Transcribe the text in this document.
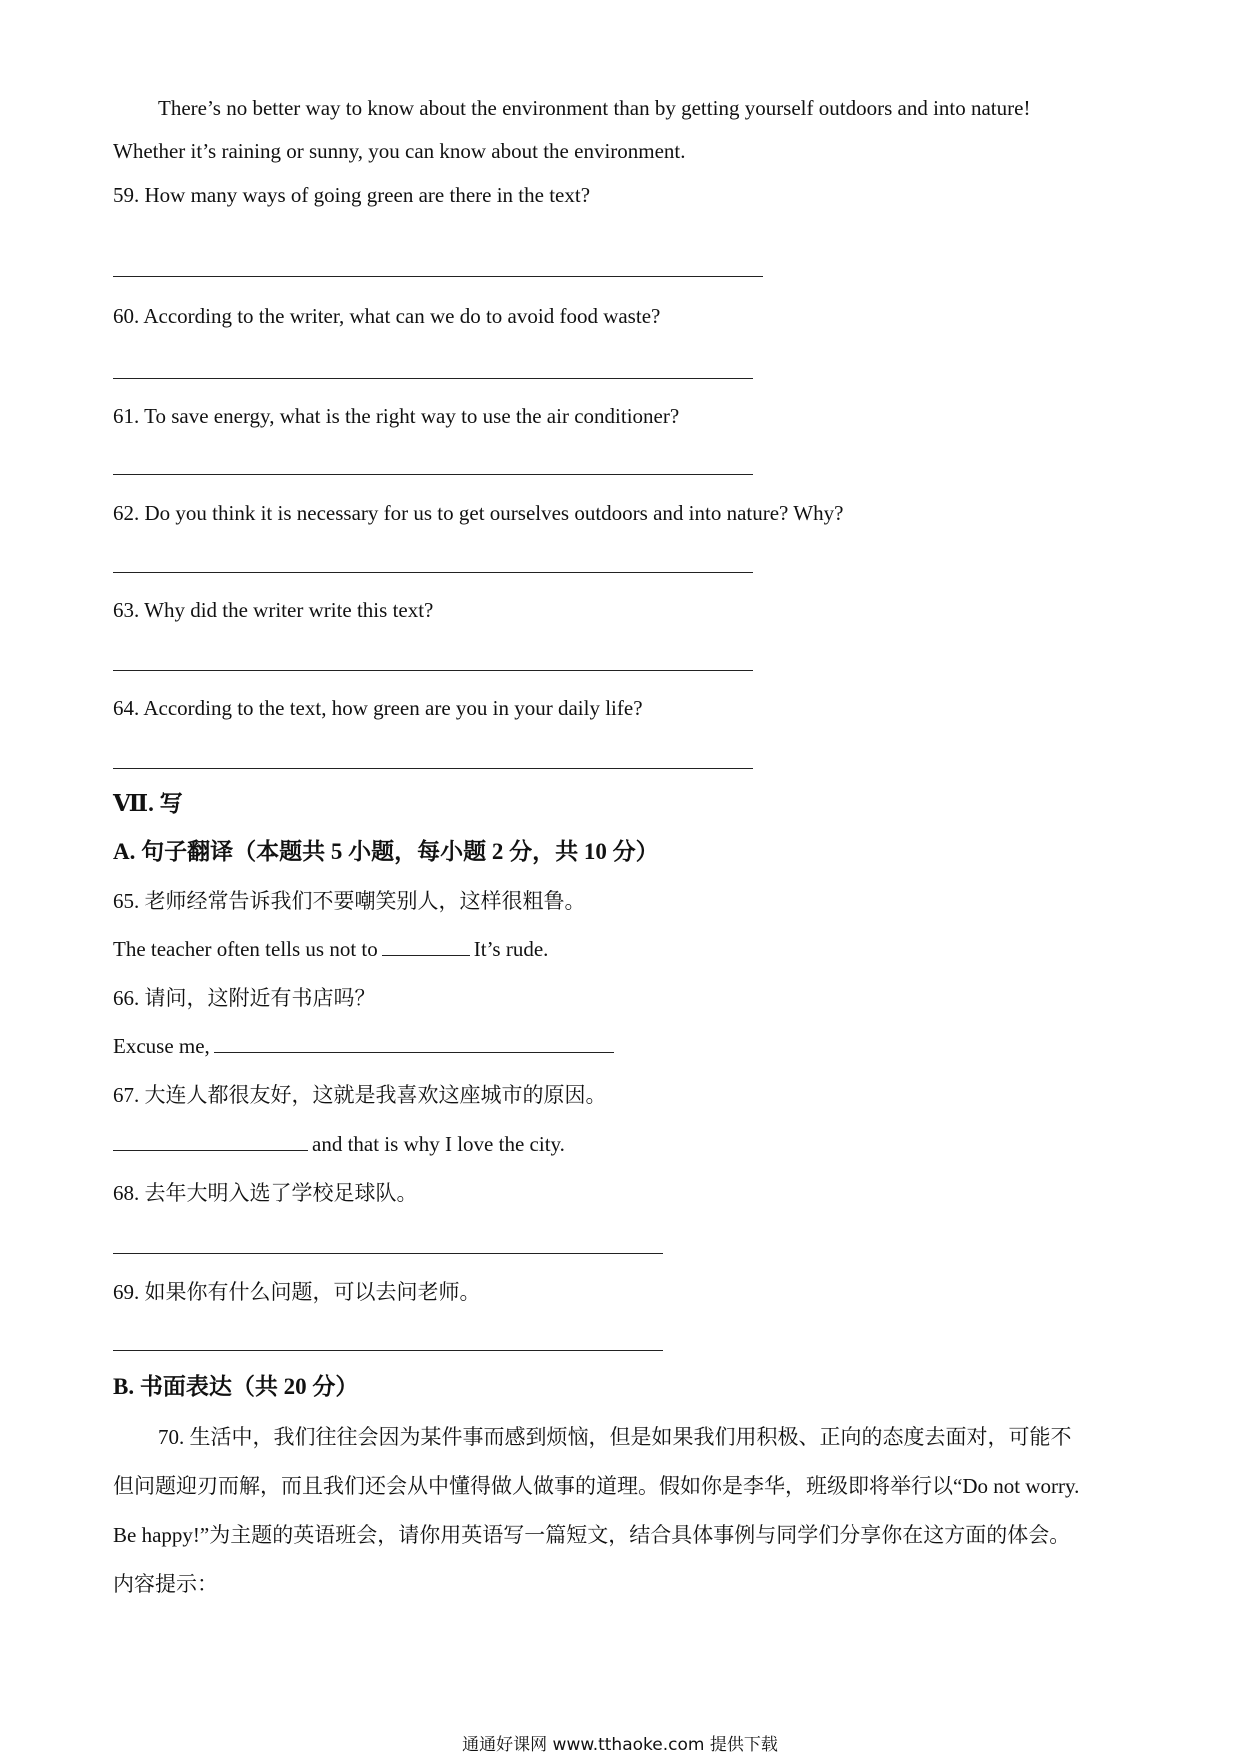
There’s no better way to know about the environment than by getting yourself outdoors and into nature!
Whether it’s raining or sunny, you can know about the environment.
59. How many ways of going green are there in the text?
60. According to the writer, what can we do to avoid food waste?
61. To save energy, what is the right way to use the air conditioner?
62. Do you think it is necessary for us to get ourselves outdoors and into nature? Why?
63. Why did the writer write this text?
64. According to the text, how green are you in your daily life?
Ⅶ. 写
A. 句子翻译（本题共 5 小题，每小题 2 分，共 10 分）
65. 老师经常告诉我们不要嘲笑别人，这样很粗鲁。
The teacher often tells us not to	It’s rude.
66. 请问，这附近有书店吗？
Excuse me,
67. 大连人都很友好，这就是我喜欢这座城市的原因。
and that is why I love the city.
68. 去年大明入选了学校足球队。
69. 如果你有什么问题，可以去问老师。
B. 书面表达（共 20 分）
70. 生活中，我们往往会因为某件事而感到烦恼，但是如果我们用积极、正向的态度去面对，可能不
但问题迎刃而解，而且我们还会从中懂得做人做事的道理。假如你是李华，班级即将举行以“Do not worry.
Be happy!”为主题的英语班会，请你用英语写一篇短文，结合具体事例与同学们分享你在这方面的体会。
内容提示：
通通好课网 www.tthaoke.com 提供下载
